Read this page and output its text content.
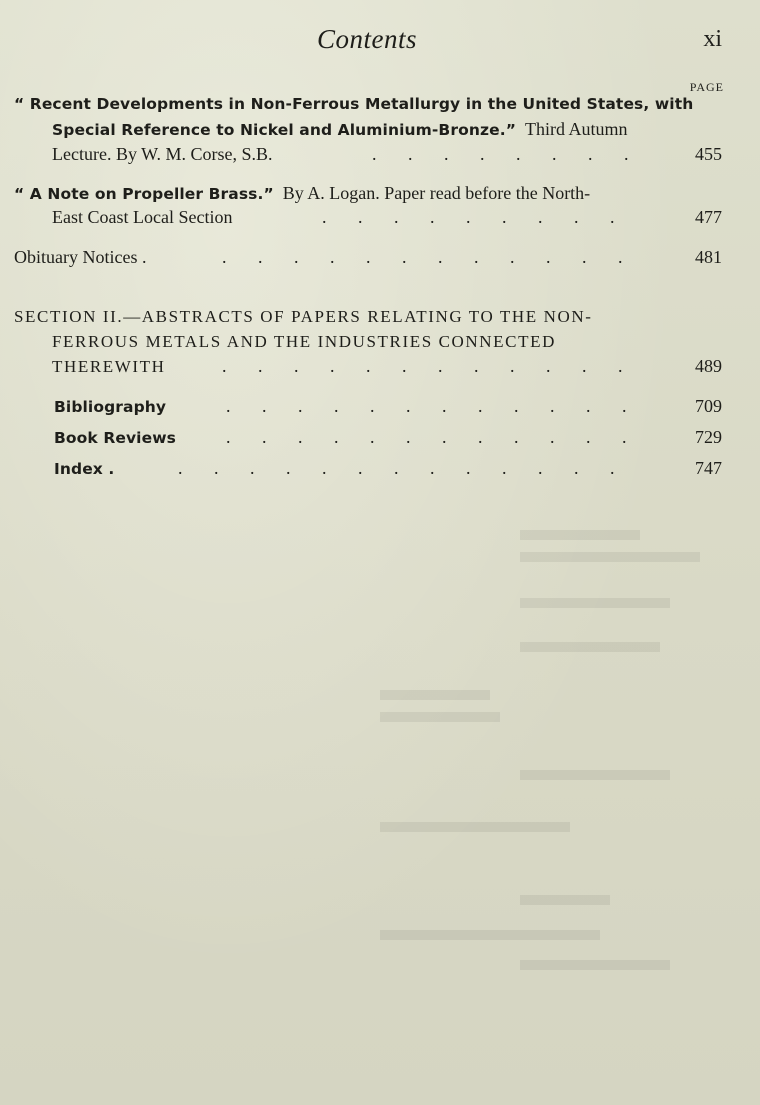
Contents	xi
PAGE
“ Recent Developments in Non-Ferrous Metallurgy in the United States, with
Special Reference to Nickel and Aluminium-Bronze.” Third Autumn
Lecture. By W. M. Corse, S.B.	.       .       .       .       .       .       .       .	455
“ A Note on Propeller Brass.” By A. Logan. Paper read before the North-
East Coast Local Section	.       .       .       .       .       .       .       .       .	477
Obituary Notices .	.       .       .       .       .       .       .       .       .       .       .       .	481
SECTION II.—ABSTRACTS OF PAPERS RELATING TO THE NON-
FERROUS METALS AND THE INDUSTRIES CONNECTED
THEREWITH	.       .       .       .       .       .       .       .       .       .       .       .	489
Bibliography	.       .       .       .       .       .       .       .       .       .       .       .	709
Book Reviews	.       .       .       .       .       .       .       .       .       .       .       .	729
Index .	.       .       .       .       .       .       .       .       .       .       .       .       .	747
